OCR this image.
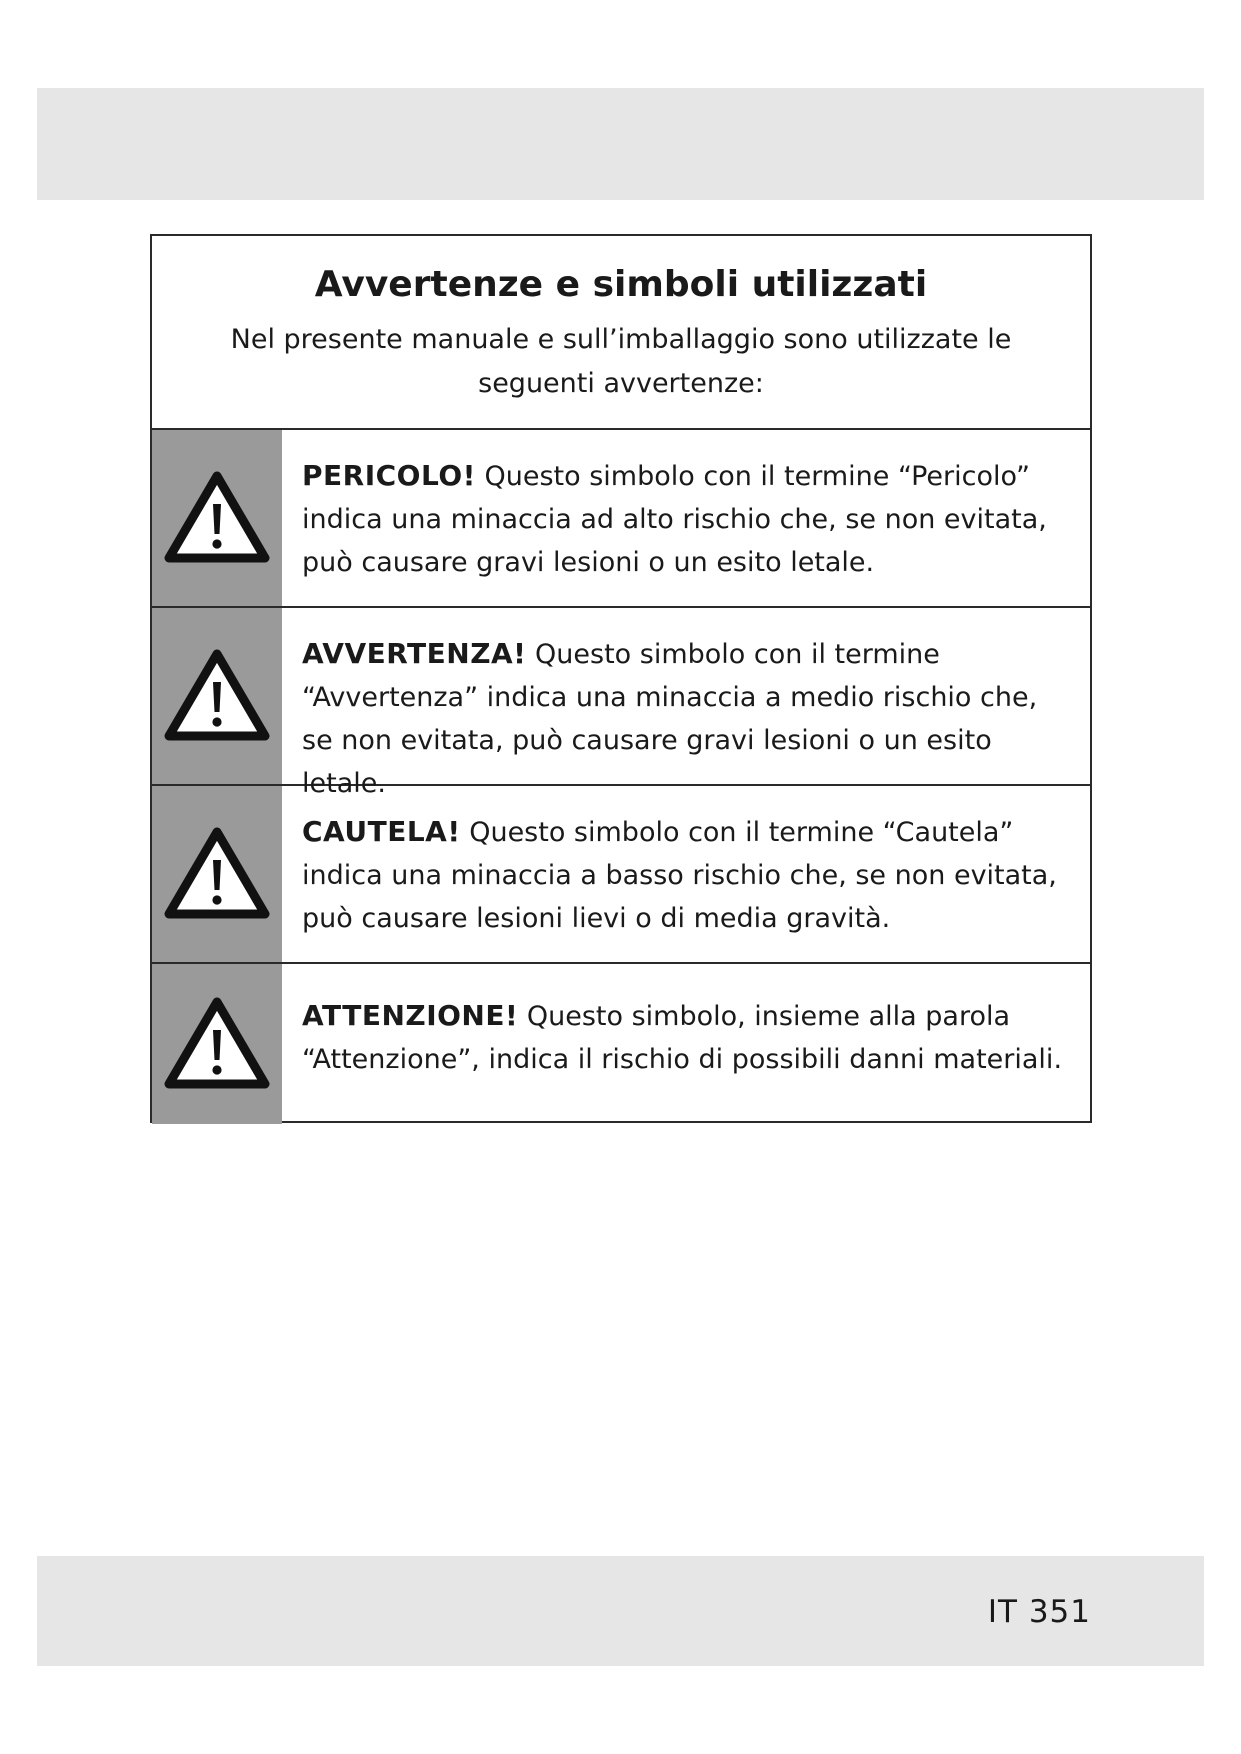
Avvertenze e simboli utilizzati

Nel presente manuale e sull’imballaggio sono utilizzate le seguenti avvertenze:

PERICOLO! Questo simbolo con il termine “Pericolo” indica una minaccia ad alto rischio che, se non evitata, può causare gravi lesioni o un esito letale.
AVVERTENZA! Questo simbolo con il termine “Avvertenza” indica una minaccia a medio rischio che, se non evitata, può causare gravi lesioni o un esito letale.
CAUTELA! Questo simbolo con il termine “Cautela” indica una minaccia a basso rischio che, se non evitata, può causare lesioni lievi o di media gravità.
ATTENZIONE! Questo simbolo, insieme alla parola “Attenzione”, indica il rischio di possibili danni materiali.
IT 351
